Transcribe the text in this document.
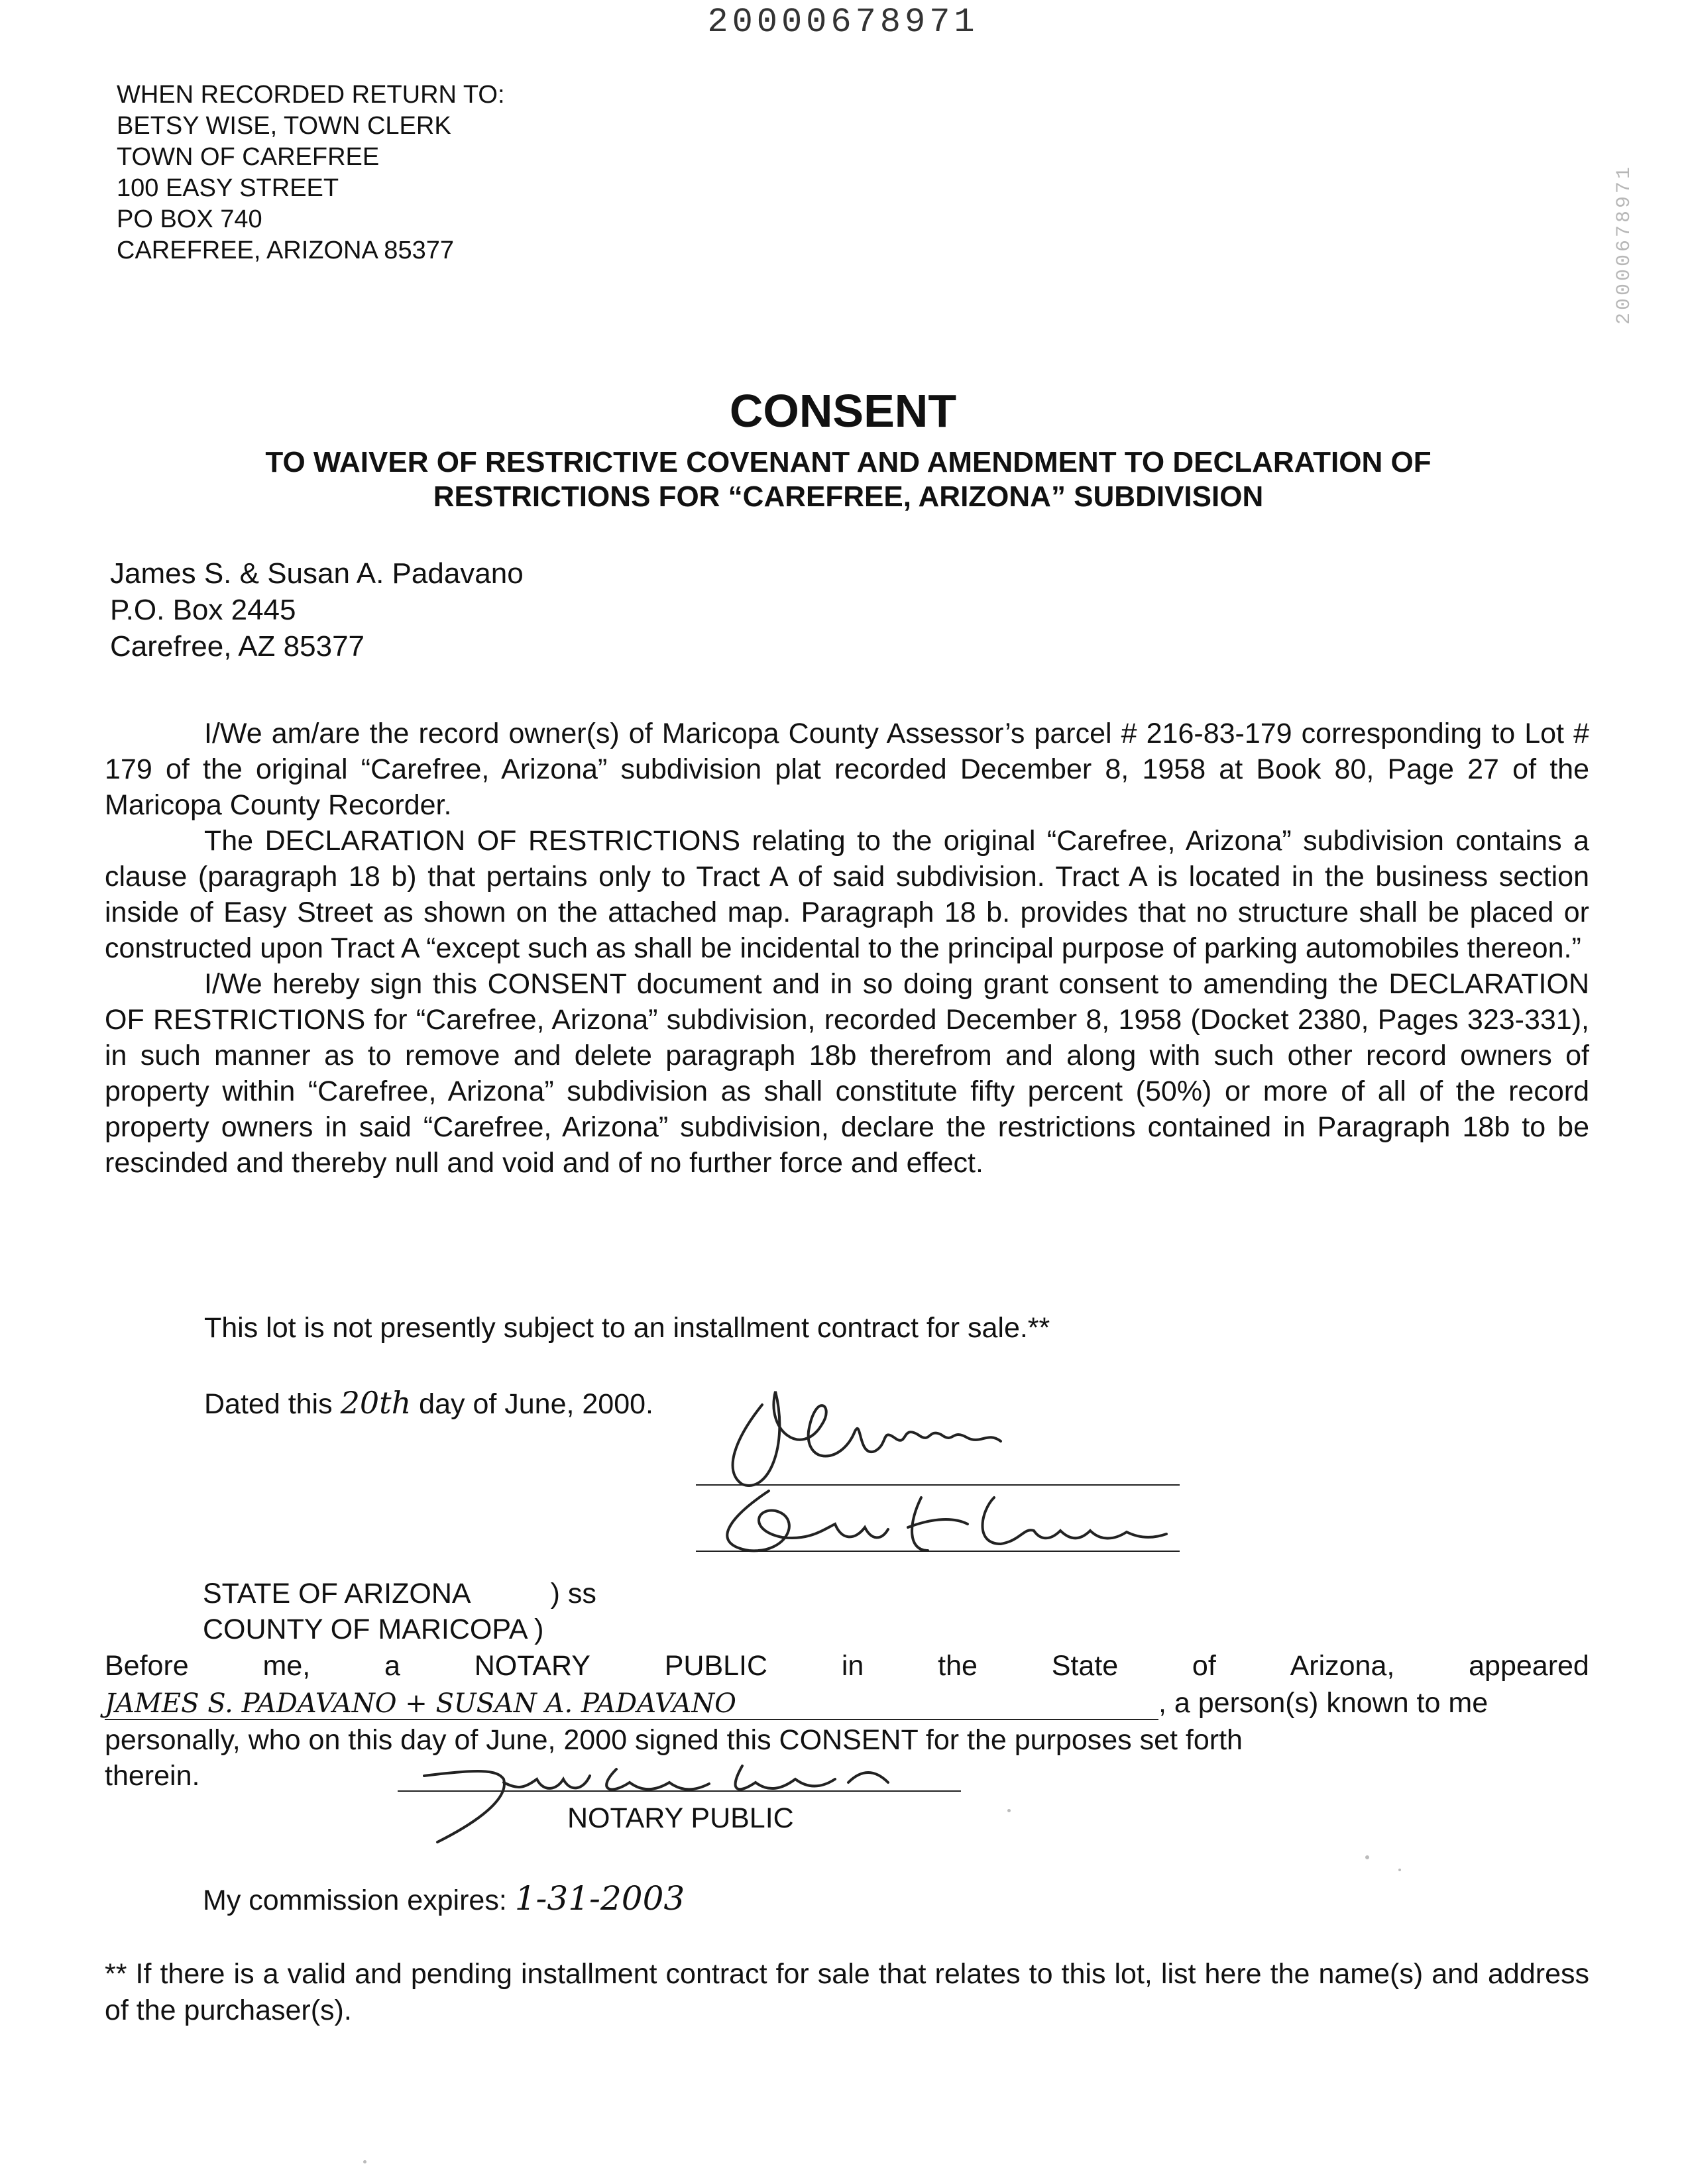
20000678971
WHEN RECORDED RETURN TO:
BETSY WISE, TOWN CLERK
TOWN OF CAREFREE
100 EASY STREET
PO BOX 740
CAREFREE, ARIZONA 85377	20000678971
CONSENT
TO WAIVER OF RESTRICTIVE COVENANT AND AMENDMENT TO DECLARATION OF
RESTRICTIONS FOR “CAREFREE, ARIZONA” SUBDIVISION
James S. & Susan A. Padavano
P.O. Box 2445
Carefree, AZ 85377

I/We am/are the record owner(s) of Maricopa County Assessor’s parcel # 216-83-179 corresponding to Lot # 179 of the original “Carefree, Arizona” subdivision plat recorded December 8, 1958 at Book 80, Page 27 of the Maricopa County Recorder.

The DECLARATION OF RESTRICTIONS relating to the original “Carefree, Arizona” subdivision contains a clause (paragraph 18 b) that pertains only to Tract A of said subdivision. Tract A is located in the business section inside of Easy Street as shown on the attached map. Paragraph 18 b. provides that no structure shall be placed or constructed upon Tract A “except such as shall be incidental to the principal purpose of parking automobiles thereon.”

I/We hereby sign this CONSENT document and in so doing grant consent to amending the DECLARATION OF RESTRICTIONS for “Carefree, Arizona” subdivision, recorded December 8, 1958 (Docket 2380, Pages 323-331), in such manner as to remove and delete paragraph 18b therefrom and along with such other record owners of property within “Carefree, Arizona” subdivision as shall constitute fifty percent (50%) or more of all of the record property owners in said “Carefree, Arizona” subdivision, declare the restrictions contained in Paragraph 18b to be rescinded and thereby null and void and of no further force and effect.

This lot is not presently subject to an installment contract for sale.**
Dated this 20th day of June, 2000.
STATE OF ARIZONA	) ss
COUNTY OF MARICOPA )
Before	me,	a	NOTARY	PUBLIC	in	the	State	of	Arizona,	appeared
JAMES S. PADAVANO + SUSAN A. PADAVANO	, a person(s) known to me
personally, who on this day of June, 2000 signed this CONSENT for the purposes set forth
therein.
NOTARY PUBLIC
My commission expires: 1-31-2003
** If there is a valid and pending installment contract for sale that relates to this lot, list here the name(s) and address of the purchaser(s).
